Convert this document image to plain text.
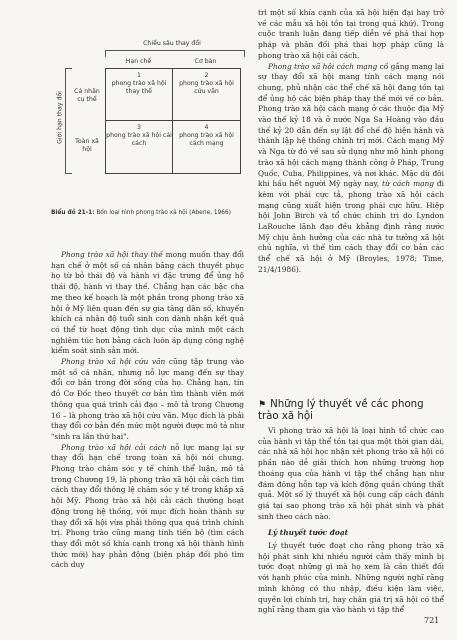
Chiều sâu thay đổi
Hạn chế	Cơ bản
Giới hạn thay đổi	Cá nhân cụ thể
Toàn xã hội
1
phong trào xã hội thay thế
2
phong trào xã hội cứu vãn
3
phong trào xã hội cải cách
4
phong trào xã hội cách mạng
Biểu đồ 21-1: Bốn loại hình phong trào xã hội (Aberle, 1966)

Phong trào xã hội thay thế mong muốn thay đổi hạn chế ở một số cá nhân bằng cách thuyết phục họ từ bỏ thái độ và hành vi đặc trưng để ủng hộ thái độ, hành vi thay thế. Chẳng hạn các bậc cha mẹ theo kế hoạch là một phần trong phong trào xã hội ở Mỹ liên quan đến sự gia tăng dân số, khuyến khích cá nhân độ tuổi sinh con dành nhận kết quả có thể từ hoạt động tình dục của mình một cách nghiêm túc hơn bằng cách luôn áp dụng công nghệ kiểm soát sinh sản mới.

Phong trào xã hội cứu vãn cũng tập trung vào một số cá nhân, nhưng nỗ lực mang đến sự thay đổi cơ bản trong đời sống của họ. Chẳng hạn, tín đồ Cơ Đốc theo thuyết cơ bản tìm thành viên mới thông qua quá trình cải đạo – mô tả trong Chương 16 – là phong trào xã hội cứu vãn. Mục đích là phải thay đổi cơ bản đến mức một người được mô tả như "sinh ra lần thứ hai".

Phong trào xã hội cải cách nỗ lực mang lại sự thay đổi hạn chế trong toàn xã hội nói chung. Phong trào chăm sóc y tế chính thể luận, mô tả trong Chương 19, là phong trào xã hội cải cách tìm cách thay đổi thông lệ chăm sóc y tế trong khắp xã hội Mỹ. Phong trào xã hội cải cách thường hoạt động trong hệ thống, với mục đích hoàn thành sự thay đổi xã hội vừa phải thông qua quá trình chính trị. Phong trào cũng mang tính tiến bộ (tìm cách thay đổi một số khía cạnh trong xã hội thành hình thức mới) hay phản động (biện pháp đối phó tìm cách duy

trì một số khía cạnh của xã hội hiện đại hay trở về các mẫu xã hội tồn tại trong quá khứ). Trong cuộc tranh luận đang tiếp diễn về phá thai hợp pháp và phân đối phá thai hợp pháp cũng là phong trào xã hội cải cách.

Phong trào xã hội cách mạng cố gắng mang lại sự thay đổi xã hội mang tính cách mạng nói chung, phủ nhận các thể chế xã hội đang tồn tại để ủng hộ các biện pháp thay thế mới về cơ bản. Phong trào xã hội cách mạng ở các thuộc địa Mỹ vào thế kỷ 18 và ở nước Nga Sa Hoàng vào đầu thế kỷ 20 dẫn đến sự lật đổ chế độ hiện hành và thành lập hệ thống chính trị mới. Cách mạng Mỹ và Nga từ đó về sau sử dụng như mô hình phong trào xã hội cách mạng thành công ở Pháp, Trung Quốc, Cuba, Philippines, và nơi khác. Mặc dù đôi khi hấu hết người Mỹ ngày nay, từ cách mạng đi kèm với phái cực tả, phong trào xã hội cách mạng cũng xuất hiện trong phái cực hữu. Hiệp hội John Birch và tổ chức chính trị do Lyndon LaRouche lãnh đạo đều khẳng định rằng nước Mỹ chịu ảnh hưởng của các nhà tư tưởng xã hội chủ nghĩa, vì thế tìm cách thay đổi cơ bản các thể chế xã hội ở Mỹ (Broyles, 1978; Time, 21/4/1986).

⚑ Những lý thuyết về các phong trào xã hội

Vì phong trào xã hội là loại hình tổ chức cao của hành vi tập thể tồn tại qua một thời gian dài, các nhà xã hội học nhận xét phong trào xã hội có phần nào dễ giải thích hơn những trường hợp thoáng qua của hành vi tập thể chẳng hạn như đám đông hỗn tạp và kích động quần chúng thất quả. Một số lý thuyết xã hội cung cấp cách đánh giá tại sao phong trào xã hội phát sinh và phát sinh theo cách nào.

Lý thuyết tước đoạt

Lý thuyết tước đoạt cho rằng phong trào xã hội phát sinh khi nhiều người cảm thấy mình bị tước đoạt những gì mà họ xem là cần thiết đối với hạnh phúc của mình. Những người nghĩ rằng mình không có thu nhập, điều kiện làm việc, quyền lợi chính trị, hay chân giá trị xã hội có thể nghĩ rằng tham gia vào hành vi tập thể

721
